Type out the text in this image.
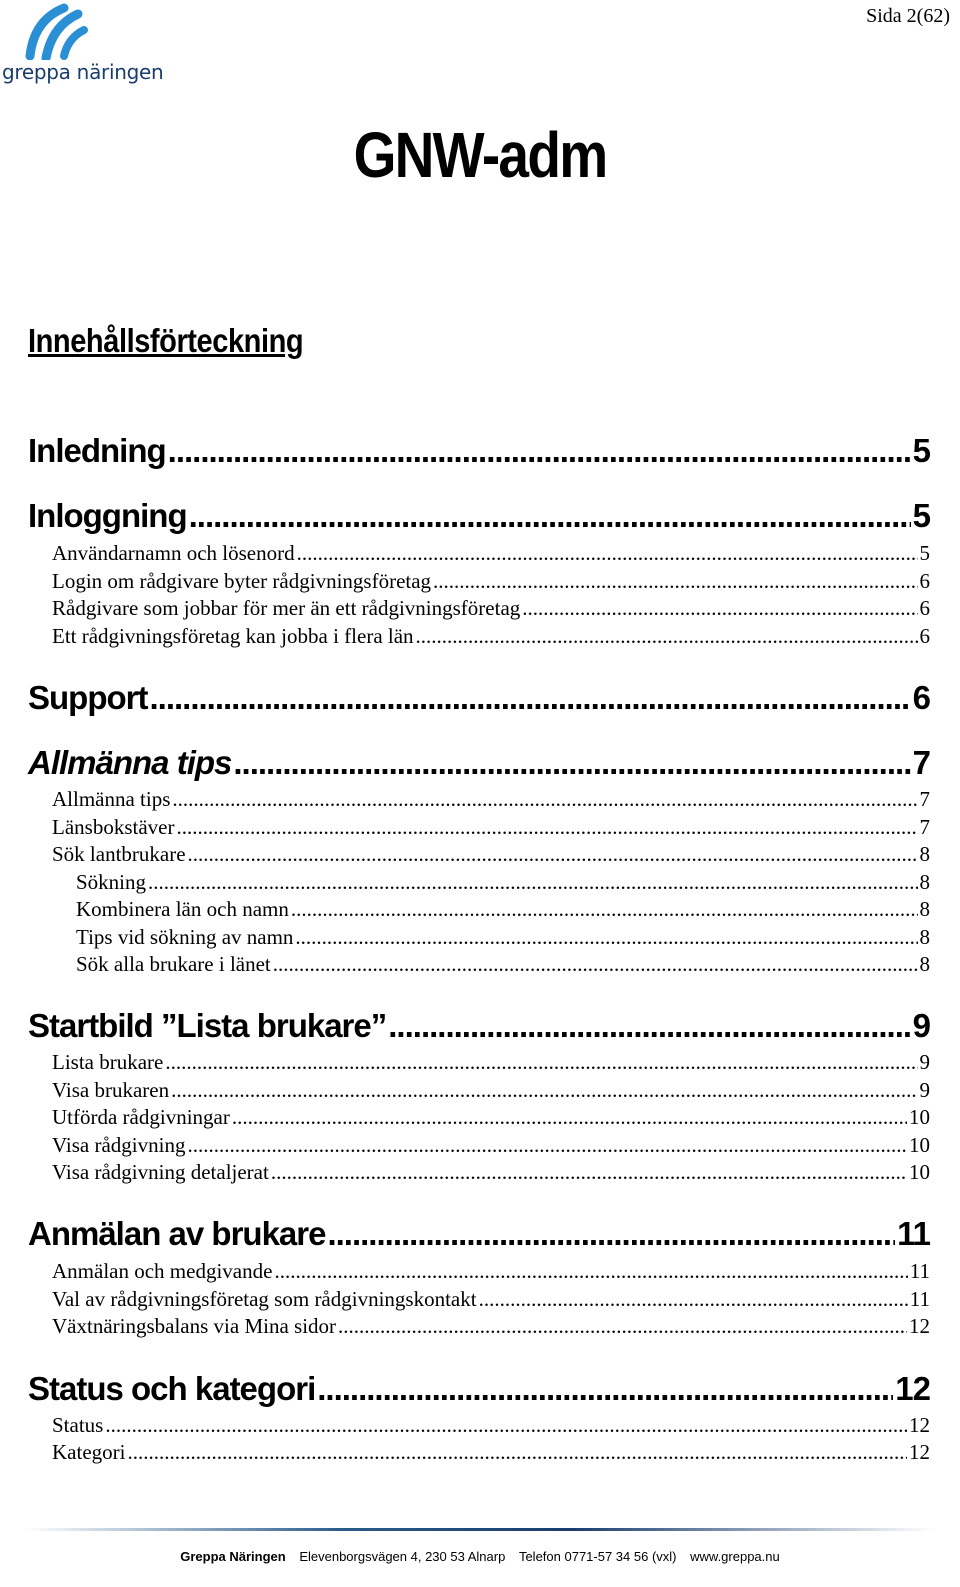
greppa näringen
Sida 2(62)
GNW-adm
Innehållsförteckning
Inledning .....	5
Inloggning .....	5
Användarnamn och lösenord .....	5
Login om rådgivare byter rådgivningsföretag .....	6
Rådgivare som jobbar för mer än ett rådgivningsföretag .....	6
Ett rådgivningsföretag kan jobba i flera län .....	6
Support .....	6
Allmänna tips .....	7
Allmänna tips .....	7
Länsbokstäver .....	7
Sök lantbrukare .....	8
Sökning .....	8
Kombinera län och namn .....	8
Tips vid sökning av namn .....	8
Sök alla brukare i länet .....	8
Startbild ”Lista brukare” .....	9
Lista brukare .....	9
Visa brukaren .....	9
Utförda rådgivningar .....	10
Visa rådgivning .....	10
Visa rådgivning detaljerat .....	10
Anmälan av brukare .....	11
Anmälan och medgivande .....	11
Val av rådgivningsföretag som rådgivningskontakt .....	11
Växtnäringsbalans via Mina sidor .....	12
Status och kategori .....	12
Status .....	12
Kategori .....	12
Greppa Näringen Elevenborgsvägen 4, 230 53 Alnarp Telefon 0771-57 34 56 (vxl) www.greppa.nu
